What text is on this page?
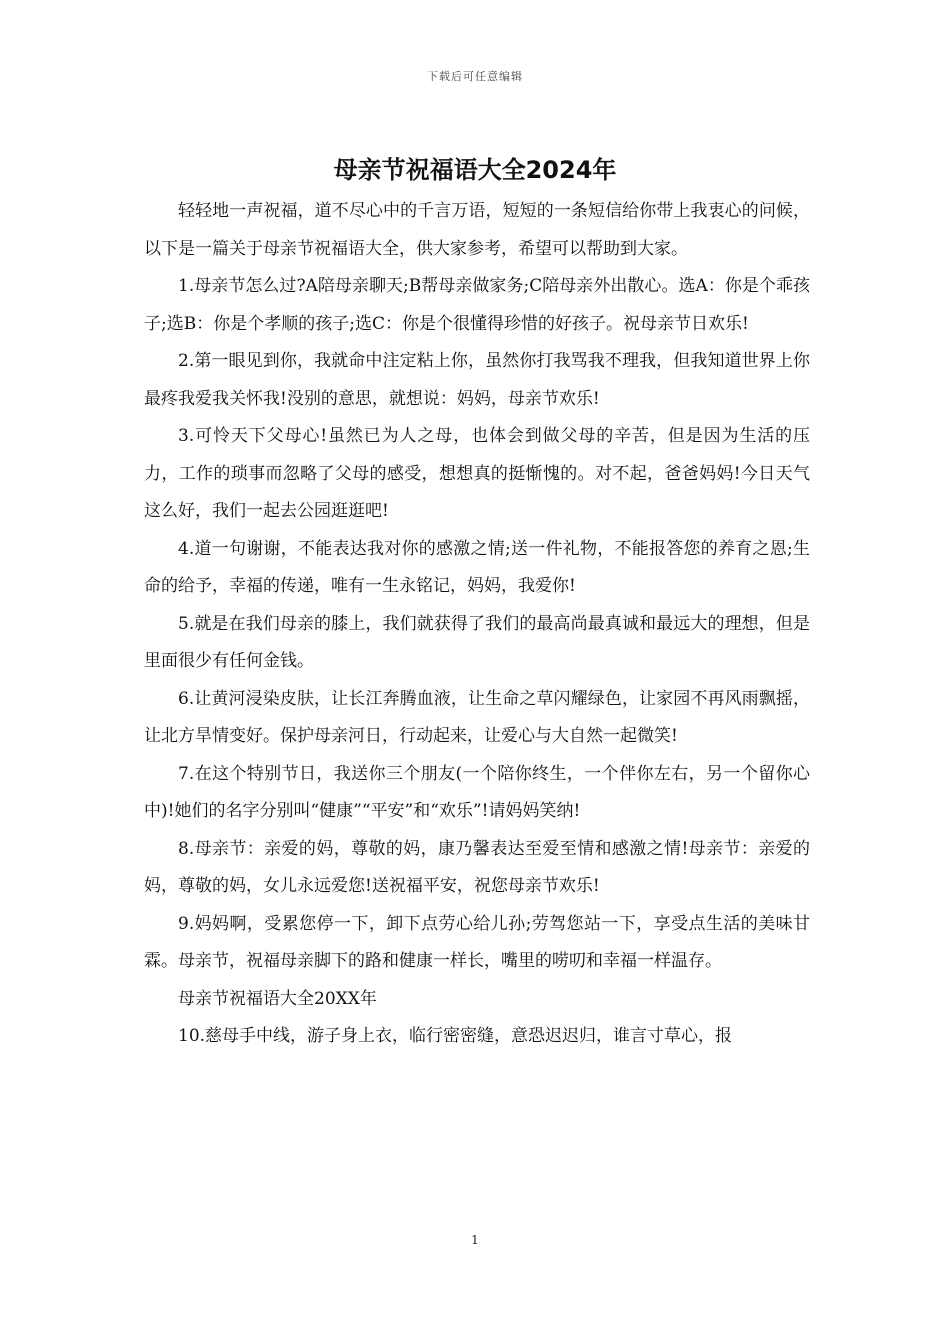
下载后可任意编辑
母亲节祝福语大全2024年

轻轻地一声祝福，道不尽心中的千言万语，短短的一条短信给你带上我衷心的问候，以下是一篇关于母亲节祝福语大全，供大家参考，希望可以帮助到大家。

1.母亲节怎么过?A陪母亲聊天;B帮母亲做家务;C陪母亲外出散心。选A：你是个乖孩子;选B：你是个孝顺的孩子;选C：你是个很懂得珍惜的好孩子。祝母亲节日欢乐!

2.第一眼见到你，我就命中注定粘上你，虽然你打我骂我不理我，但我知道世界上你最疼我爱我关怀我!没别的意思，就想说：妈妈，母亲节欢乐!

3.可怜天下父母心!虽然已为人之母，也体会到做父母的辛苦，但是因为生活的压力，工作的琐事而忽略了父母的感受，想想真的挺惭愧的。对不起，爸爸妈妈!今日天气这么好，我们一起去公园逛逛吧!

4.道一句谢谢，不能表达我对你的感激之情;送一件礼物，不能报答您的养育之恩;生命的给予，幸福的传递，唯有一生永铭记，妈妈，我爱你!

5.就是在我们母亲的膝上，我们就获得了我们的最高尚最真诚和最远大的理想，但是里面很少有任何金钱。

6.让黄河浸染皮肤，让长江奔腾血液，让生命之草闪耀绿色，让家园不再风雨飘摇，让北方旱情变好。保护母亲河日，行动起来，让爱心与大自然一起微笑!

7.在这个特别节日，我送你三个朋友(一个陪你终生，一个伴你左右，另一个留你心中)!她们的名字分别叫“健康”“平安”和“欢乐”!请妈妈笑纳!

8.母亲节：亲爱的妈，尊敬的妈，康乃馨表达至爱至情和感激之情!母亲节：亲爱的妈，尊敬的妈，女儿永远爱您!送祝福平安，祝您母亲节欢乐!

9.妈妈啊，受累您停一下，卸下点劳心给儿孙;劳驾您站一下，享受点生活的美味甘霖。母亲节，祝福母亲脚下的路和健康一样长，嘴里的唠叨和幸福一样温存。

母亲节祝福语大全20XX年

10.慈母手中线，游子身上衣，临行密密缝，意恐迟迟归，谁言寸草心，报

1
